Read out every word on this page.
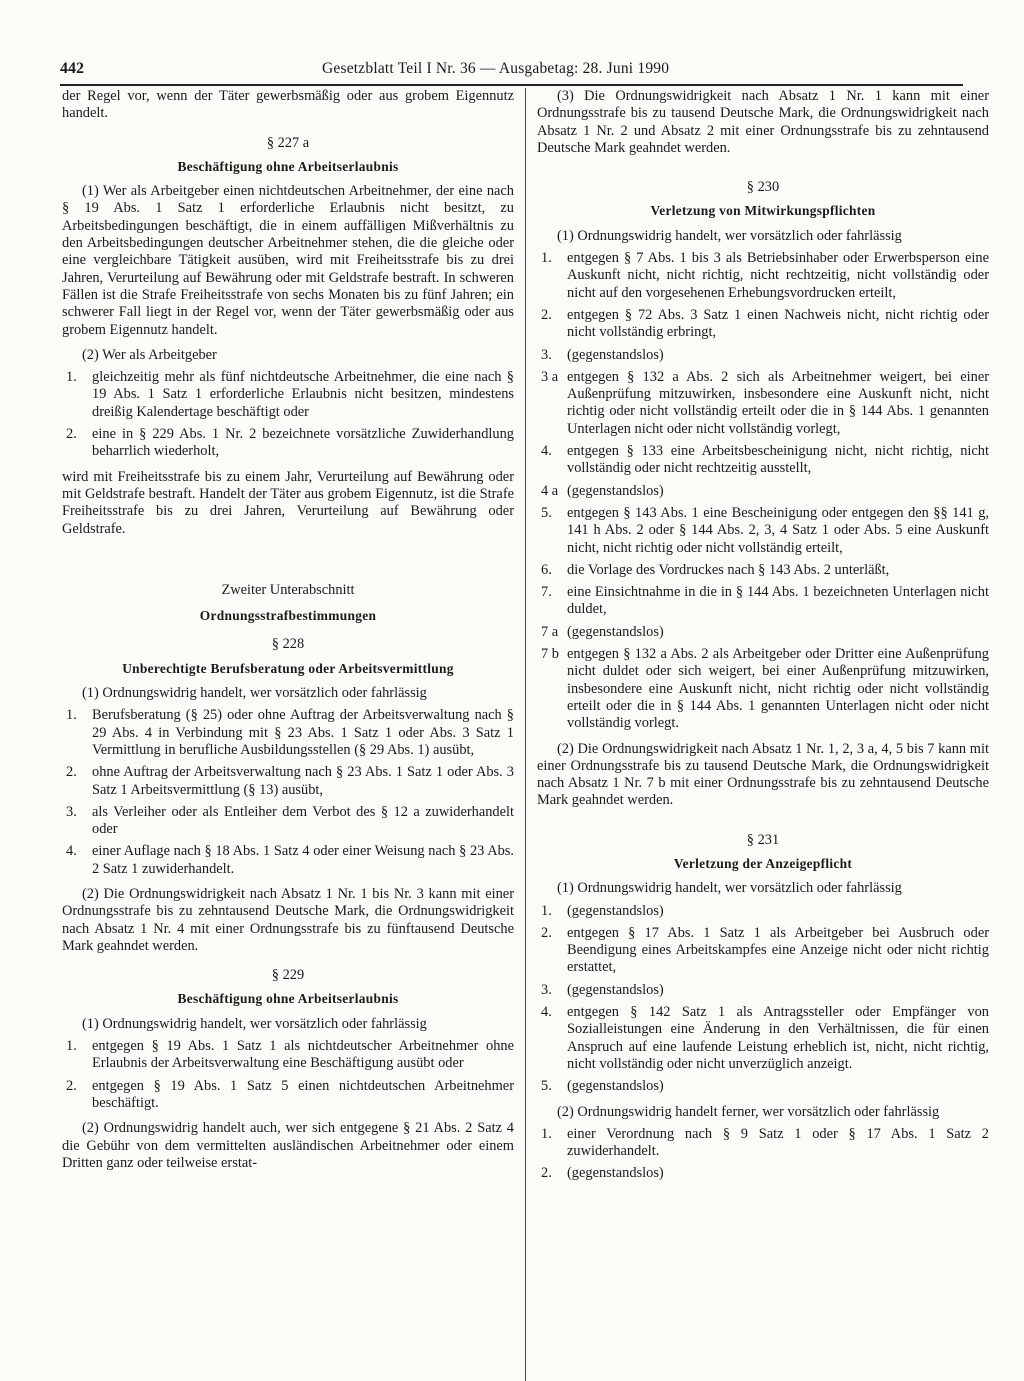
442	Gesetzblatt Teil I Nr. 36 — Ausgabetag: 28. Juni 1990

der Regel vor, wenn der Täter gewerbsmäßig oder aus grobem Eigennutz handelt.

§ 227 a
Beschäftigung ohne Arbeitserlaubnis

(1) Wer als Arbeitgeber einen nichtdeutschen Arbeitnehmer, der eine nach § 19 Abs. 1 Satz 1 erforderliche Erlaubnis nicht besitzt, zu Arbeitsbedingungen beschäftigt, die in einem auffälligen Mißverhältnis zu den Arbeitsbedingungen deutscher Arbeitnehmer stehen, die die gleiche oder eine vergleichbare Tätigkeit ausüben, wird mit Freiheitsstrafe bis zu drei Jahren, Verurteilung auf Bewährung oder mit Geldstrafe bestraft. In schweren Fällen ist die Strafe Freiheitsstrafe von sechs Monaten bis zu fünf Jahren; ein schwerer Fall liegt in der Regel vor, wenn der Täter gewerbsmäßig oder aus grobem Eigennutz handelt.

(2) Wer als Arbeitgeber

1.	gleichzeitig mehr als fünf nichtdeutsche Arbeitnehmer, die eine nach § 19 Abs. 1 Satz 1 erforderliche Erlaubnis nicht besitzen, mindestens dreißig Kalendertage beschäftigt oder
2.	eine in § 229 Abs. 1 Nr. 2 bezeichnete vorsätzliche Zuwiderhandlung beharrlich wiederholt,

wird mit Freiheitsstrafe bis zu einem Jahr, Verurteilung auf Bewährung oder mit Geldstrafe bestraft. Handelt der Täter aus grobem Eigennutz, ist die Strafe Freiheitsstrafe bis zu drei Jahren, Verurteilung auf Bewährung oder Geldstrafe.

Zweiter Unterabschnitt
Ordnungsstrafbestimmungen
§ 228
Unberechtigte Berufsberatung oder Arbeitsvermittlung

(1) Ordnungswidrig handelt, wer vorsätzlich oder fahrlässig

1.	Berufsberatung (§ 25) oder ohne Auftrag der Arbeitsverwaltung nach § 29 Abs. 4 in Verbindung mit § 23 Abs. 1 Satz 1 oder Abs. 3 Satz 1 Vermittlung in berufliche Ausbildungsstellen (§ 29 Abs. 1) ausübt,
2.	ohne Auftrag der Arbeitsverwaltung nach § 23 Abs. 1 Satz 1 oder Abs. 3 Satz 1 Arbeitsvermittlung (§ 13) ausübt,
3.	als Verleiher oder als Entleiher dem Verbot des § 12 a zuwiderhandelt oder
4.	einer Auflage nach § 18 Abs. 1 Satz 4 oder einer Weisung nach § 23 Abs. 2 Satz 1 zuwiderhandelt.

(2) Die Ordnungswidrigkeit nach Absatz 1 Nr. 1 bis Nr. 3 kann mit einer Ordnungsstrafe bis zu zehntausend Deutsche Mark, die Ordnungswidrigkeit nach Absatz 1 Nr. 4 mit einer Ordnungsstrafe bis zu fünftausend Deutsche Mark geahndet werden.

§ 229
Beschäftigung ohne Arbeitserlaubnis

(1) Ordnungswidrig handelt, wer vorsätzlich oder fahrlässig

1.	entgegen § 19 Abs. 1 Satz 1 als nichtdeutscher Arbeitnehmer ohne Erlaubnis der Arbeitsverwaltung eine Beschäftigung ausübt oder
2.	entgegen § 19 Abs. 1 Satz 5 einen nichtdeutschen Arbeitnehmer beschäftigt.

(2) Ordnungswidrig handelt auch, wer sich entgegene § 21 Abs. 2 Satz 4 die Gebühr von dem vermittelten ausländischen Arbeitnehmer oder einem Dritten ganz oder teilweise erstat-

(3) Die Ordnungswidrigkeit nach Absatz 1 Nr. 1 kann mit einer Ordnungsstrafe bis zu tausend Deutsche Mark, die Ordnungswidrigkeit nach Absatz 1 Nr. 2 und Absatz 2 mit einer Ordnungsstrafe bis zu zehntausend Deutsche Mark geahndet werden.

§ 230
Verletzung von Mitwirkungspflichten

(1) Ordnungswidrig handelt, wer vorsätzlich oder fahrlässig

1.	entgegen § 7 Abs. 1 bis 3 als Betriebsinhaber oder Erwerbsperson eine Auskunft nicht, nicht richtig, nicht rechtzeitig, nicht vollständig oder nicht auf den vorgesehenen Erhebungsvordrucken erteilt,
2.	entgegen § 72 Abs. 3 Satz 1 einen Nachweis nicht, nicht richtig oder nicht vollständig erbringt,
3.	(gegenstandslos)
3 a entgegen § 132 a Abs. 2 sich als Arbeitnehmer weigert, bei einer Außenprüfung mitzuwirken, insbesondere eine Auskunft nicht, nicht richtig oder nicht vollständig erteilt oder die in § 144 Abs. 1 genannten Unterlagen nicht oder nicht vollständig vorlegt,
4.	entgegen § 133 eine Arbeitsbescheinigung nicht, nicht richtig, nicht vollständig oder nicht rechtzeitig ausstellt,
4 a (gegenstandslos)
5.	entgegen § 143 Abs. 1 eine Bescheinigung oder entgegen den §§ 141 g, 141 h Abs. 2 oder § 144 Abs. 2, 3, 4 Satz 1 oder Abs. 5 eine Auskunft nicht, nicht richtig oder nicht vollständig erteilt,
6.	die Vorlage des Vordruckes nach § 143 Abs. 2 unterläßt,
7.	eine Einsichtnahme in die in § 144 Abs. 1 bezeichneten Unterlagen nicht duldet,
7 a (gegenstandslos)
7 b entgegen § 132 a Abs. 2 als Arbeitgeber oder Dritter eine Außenprüfung nicht duldet oder sich weigert, bei einer Außenprüfung mitzuwirken, insbesondere eine Auskunft nicht, nicht richtig oder nicht vollständig erteilt oder die in § 144 Abs. 1 genannten Unterlagen nicht oder nicht vollständig vorlegt.

(2) Die Ordnungswidrigkeit nach Absatz 1 Nr. 1, 2, 3 a, 4, 5 bis 7 kann mit einer Ordnungsstrafe bis zu tausend Deutsche Mark, die Ordnungswidrigkeit nach Absatz 1 Nr. 7 b mit einer Ordnungsstrafe bis zu zehntausend Deutsche Mark geahndet werden.

§ 231
Verletzung der Anzeigepflicht

(1) Ordnungswidrig handelt, wer vorsätzlich oder fahrlässig

1.	(gegenstandslos)
2.	entgegen § 17 Abs. 1 Satz 1 als Arbeitgeber bei Ausbruch oder Beendigung eines Arbeitskampfes eine Anzeige nicht oder nicht richtig erstattet,
3.	(gegenstandslos)
4.	entgegen § 142 Satz 1 als Antragssteller oder Empfänger von Sozialleistungen eine Änderung in den Verhältnissen, die für einen Anspruch auf eine laufende Leistung erheblich ist, nicht, nicht richtig, nicht vollständig oder nicht unverzüglich anzeigt.
5.	(gegenstandslos)

(2) Ordnungswidrig handelt ferner, wer vorsätzlich oder fahrlässig

1.	einer Verordnung nach § 9 Satz 1 oder § 17 Abs. 1 Satz 2 zuwiderhandelt.
2.	(gegenstandslos)
